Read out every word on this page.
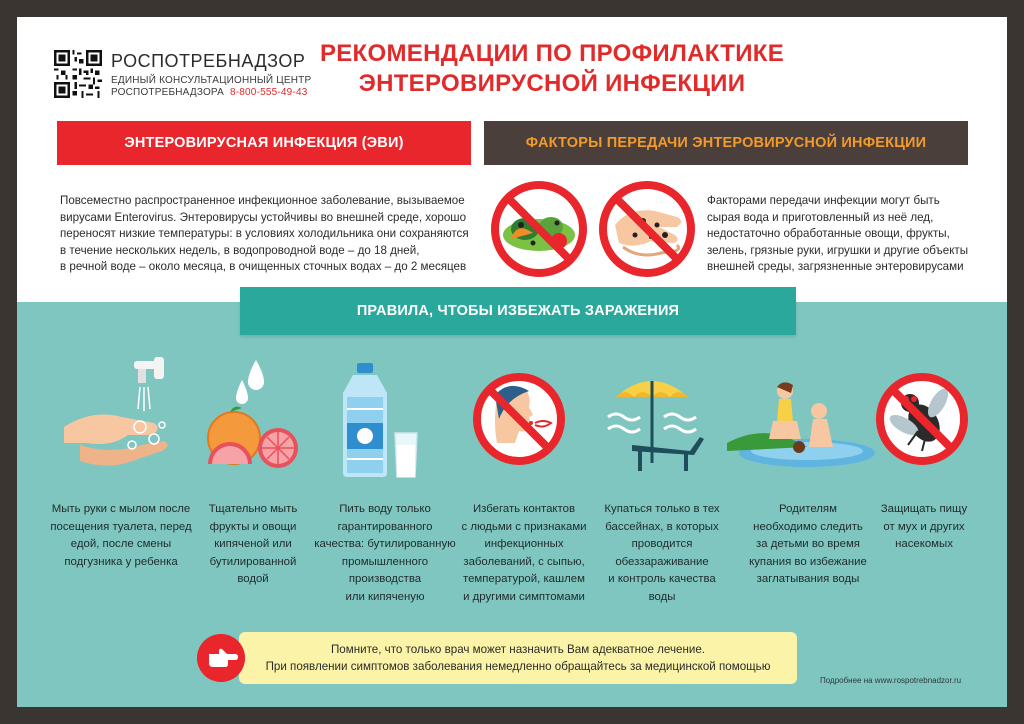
РОСПОТРЕБНАДЗОР
ЕДИНЫЙ КОНСУЛЬТАЦИОННЫЙ ЦЕНТР
РОСПОТРЕБНАДЗОРА 8-800-555-49-43
РЕКОМЕНДАЦИИ ПО ПРОФИЛАКТИКЕ
ЭНТЕРОВИРУСНОЙ ИНФЕКЦИИ
ЭНТЕРОВИРУСНАЯ ИНФЕКЦИЯ (ЭВИ)	ФАКТОРЫ ПЕРЕДАЧИ ЭНТЕРОВИРУСНОЙ ИНФЕКЦИИ
Повсеместно распространенное инфекционное заболевание, вызываемое
вирусами Enterovirus. Энтеровирусы устойчивы во внешней среде, хорошо
переносят низкие температуры: в условиях холодильника они сохраняются
в течение нескольких недель, в водопроводной воде – до 18 дней,
в речной воде – около месяца, в очищенных сточных водах – до 2 месяцев
Факторами передачи инфекции могут быть
сырая вода и приготовленный из неё лед,
недостаточно обработанные овощи, фрукты,
зелень, грязные руки, игрушки и другие объекты
внешней среды, загрязненные энтеровирусами
ПРАВИЛА, ЧТОБЫ ИЗБЕЖАТЬ ЗАРАЖЕНИЯ
Мыть руки с мылом после
посещения туалета, перед
едой, после смены
подгузника у ребенка
Тщательно мыть
фрукты и овощи
кипяченой или
бутилированной
водой
Пить воду только
гарантированного
качества: бутилированную
промышленного
производства
или кипяченую
Избегать контактов
с людьми с признаками
инфекционных
заболеваний, с сыпью,
температурой, кашлем
и другими симптомами
Купаться только в тех
бассейнах, в которых
проводится
обеззараживание
и контроль качества
воды
Родителям
необходимо следить
за детьми во время
купания во избежание
заглатывания воды
Защищать пищу
от мух и других
насекомых
Помните, что только врач может назначить Вам адекватное лечение.
При появлении симптомов заболевания немедленно обращайтесь за медицинской помощью
Подробнее на www.rospotrebnadzor.ru
